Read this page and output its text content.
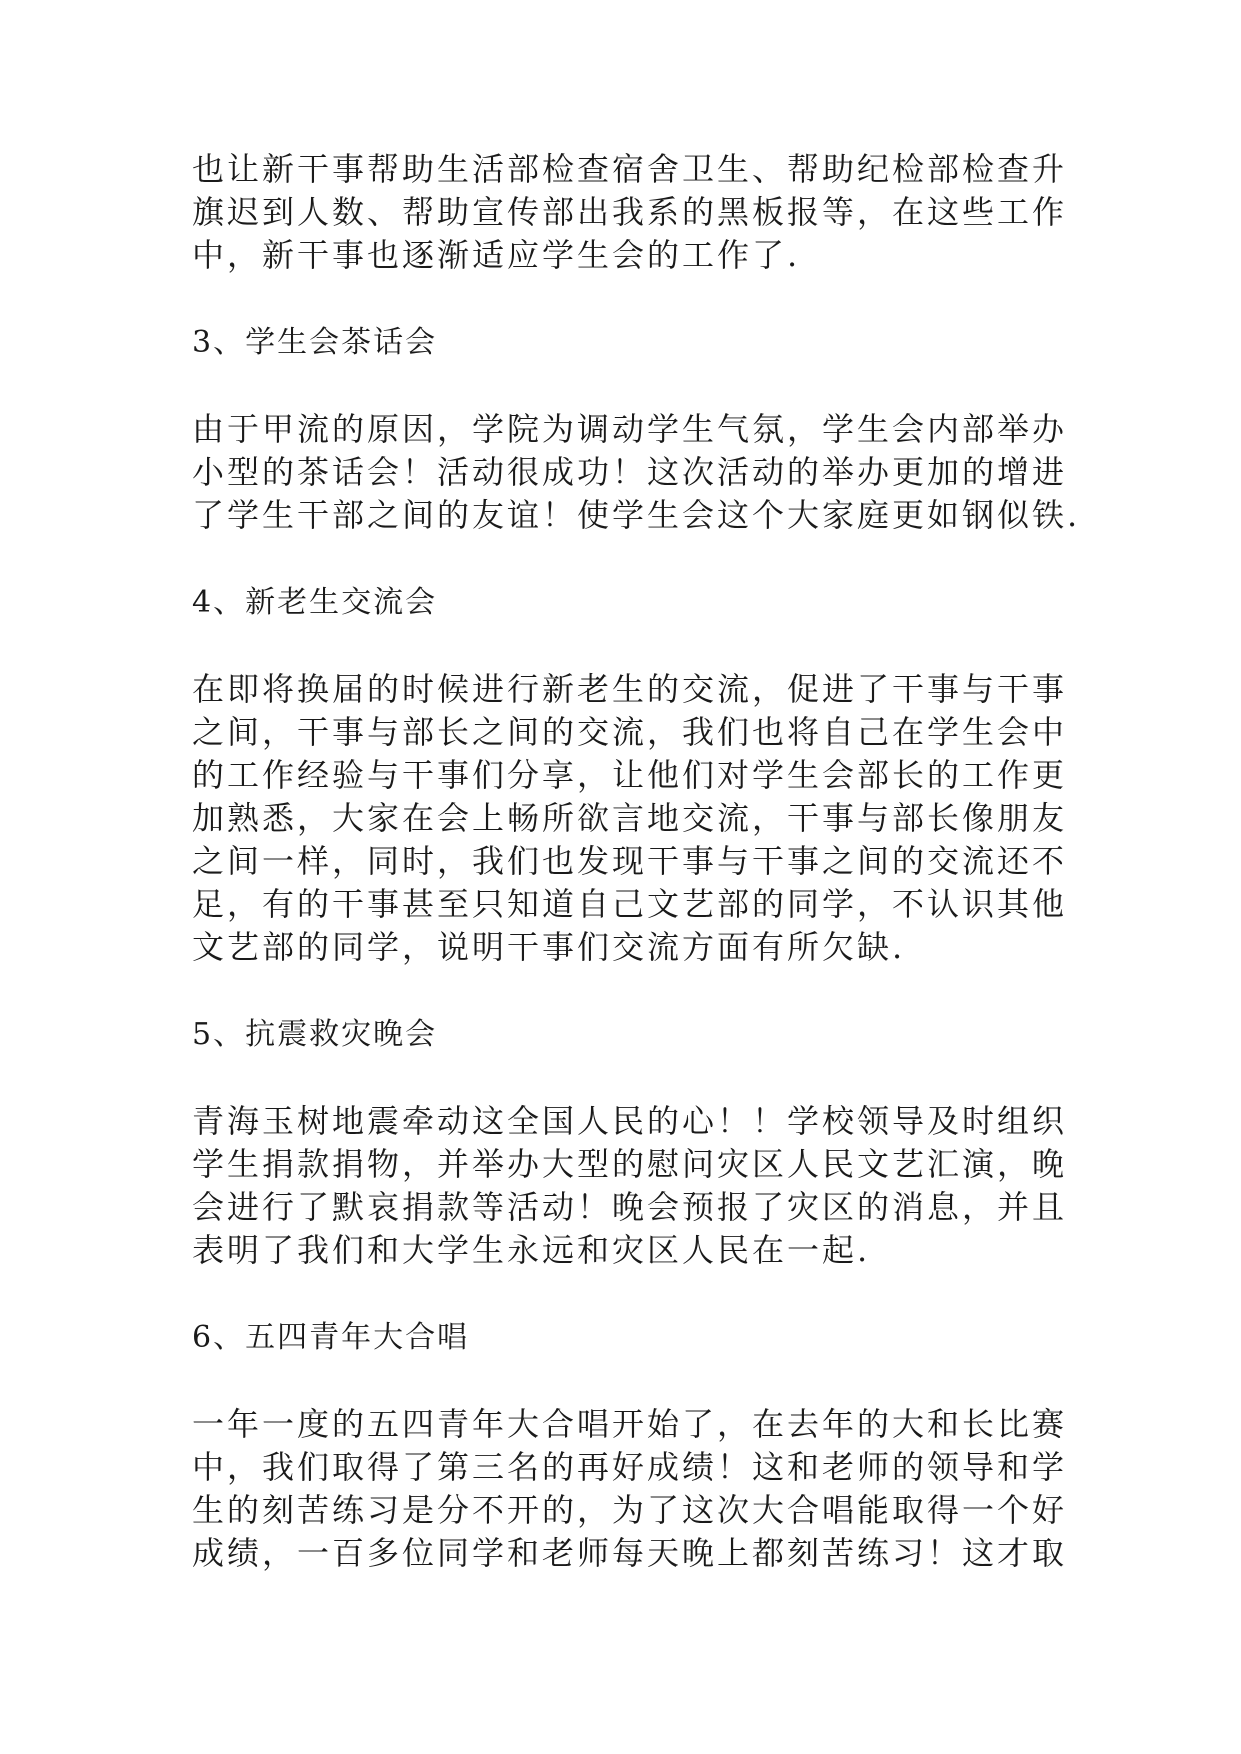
也让新干事帮助生活部检查宿舍卫生、帮助纪检部检查升
旗迟到人数、帮助宣传部出我系的黑板报等，在这些工作
中，新干事也逐渐适应学生会的工作了.
3、学生会茶话会
由于甲流的原因，学院为调动学生气氛，学生会内部举办
小型的茶话会！活动很成功！这次活动的举办更加的增进
了学生干部之间的友谊！使学生会这个大家庭更如钢似铁.
4、新老生交流会
在即将换届的时候进行新老生的交流，促进了干事与干事
之间，干事与部长之间的交流，我们也将自己在学生会中
的工作经验与干事们分享，让他们对学生会部长的工作更
加熟悉，大家在会上畅所欲言地交流，干事与部长像朋友
之间一样，同时，我们也发现干事与干事之间的交流还不
足，有的干事甚至只知道自己文艺部的同学，不认识其他
文艺部的同学，说明干事们交流方面有所欠缺.
5、抗震救灾晚会
青海玉树地震牵动这全国人民的心！！学校领导及时组织
学生捐款捐物，并举办大型的慰问灾区人民文艺汇演，晚
会进行了默哀捐款等活动！晚会预报了灾区的消息，并且
表明了我们和大学生永远和灾区人民在一起.
6、五四青年大合唱
一年一度的五四青年大合唱开始了，在去年的大和长比赛
中，我们取得了第三名的再好成绩！这和老师的领导和学
生的刻苦练习是分不开的，为了这次大合唱能取得一个好
成绩，一百多位同学和老师每天晚上都刻苦练习！这才取
